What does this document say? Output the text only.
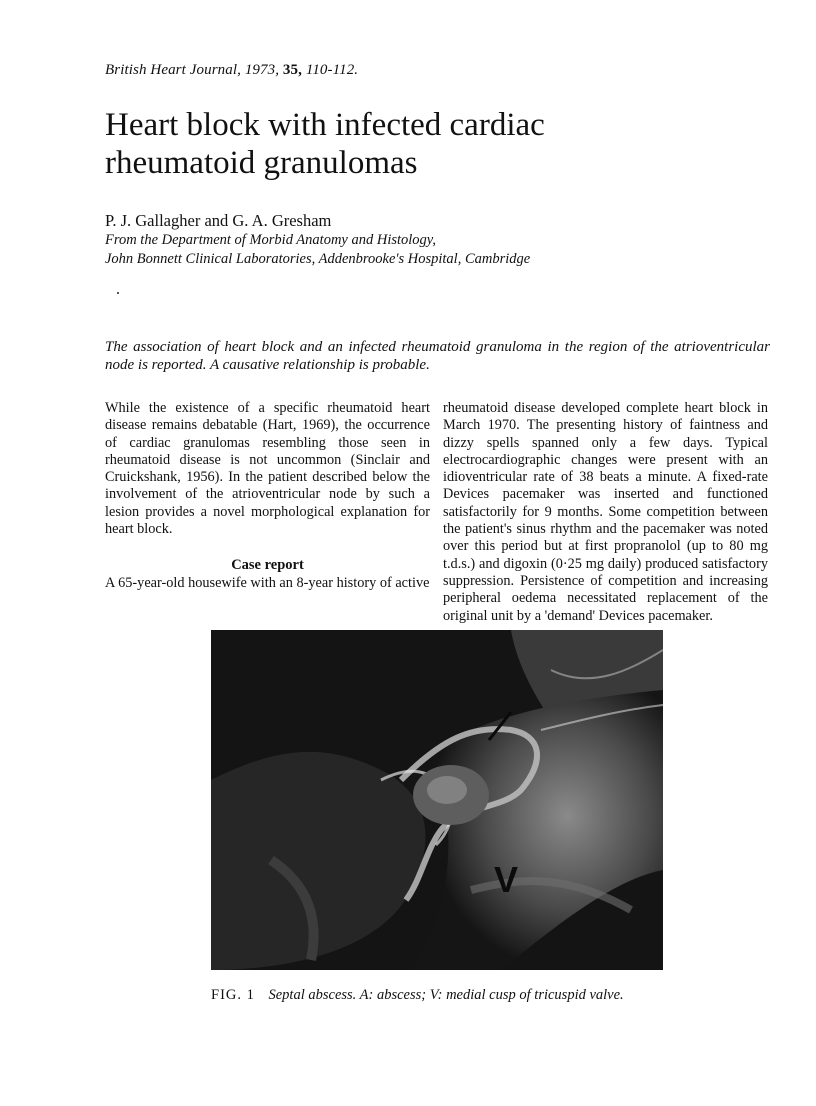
British Heart Journal, 1973, 35, 110-112.
Heart block with infected cardiac rheumatoid granulomas
P. J. Gallagher and G. A. Gresham
From the Department of Morbid Anatomy and Histology,
John Bonnett Clinical Laboratories, Addenbrooke's Hospital, Cambridge
The association of heart block and an infected rheumatoid granuloma in the region of the atrioventricular node is reported. A causative relationship is probable.

While the existence of a specific rheumatoid heart disease remains debatable (Hart, 1969), the occurrence of cardiac granulomas resembling those seen in rheumatoid disease is not uncommon (Sinclair and Cruickshank, 1956). In the patient described below the involvement of the atrioventricular node by such a lesion provides a novel morphological explanation for heart block.

Case report

A 65-year-old housewife with an 8-year history of active

rheumatoid disease developed complete heart block in March 1970. The presenting history of faintness and dizzy spells spanned only a few days. Typical electrocardiographic changes were present with an idioventricular rate of 38 beats a minute. A fixed-rate Devices pacemaker was inserted and functioned satisfactorily for 9 months. Some competition between the patient's sinus rhythm and the pacemaker was noted over this period but at first propranolol (up to 80 mg t.d.s.) and digoxin (0·25 mg daily) produced satisfactory suppression. Persistence of competition and increasing peripheral oedema necessitated replacement of the original unit by a 'demand' Devices pacemaker.

V
FIG. 1 Septal abscess. A: abscess; V: medial cusp of tricuspid valve.
